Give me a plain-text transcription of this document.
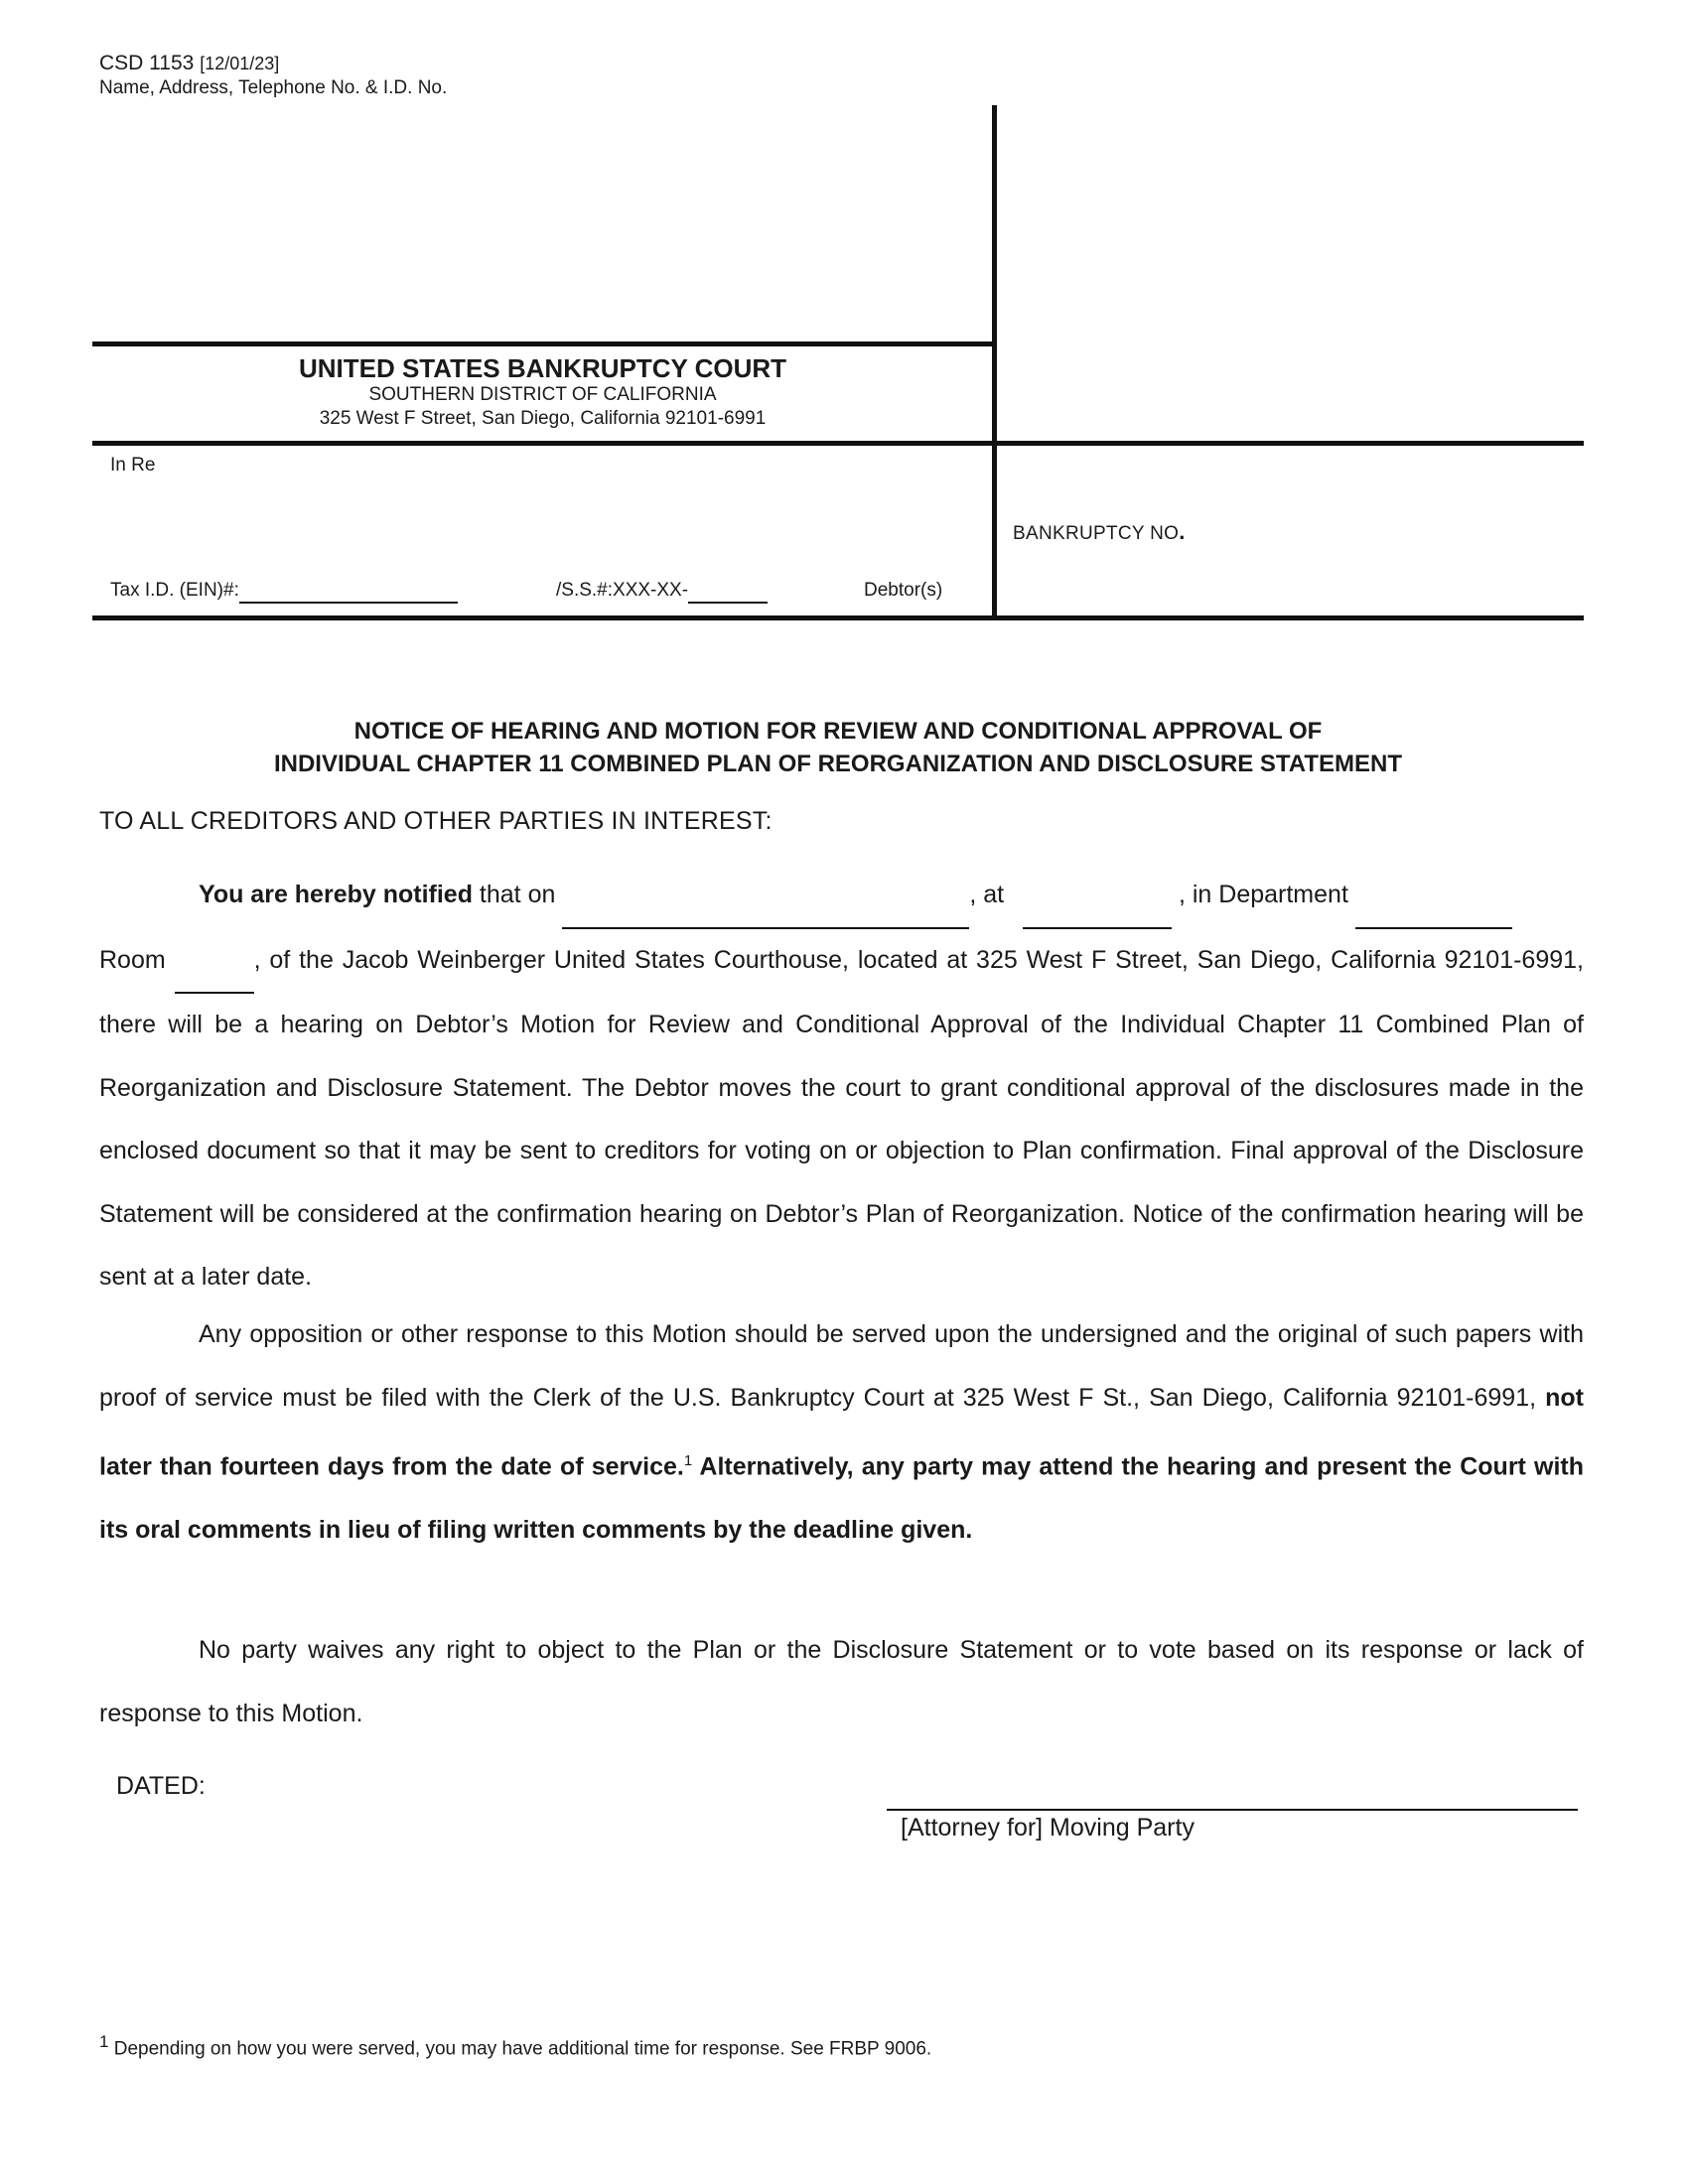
CSD 1153 [12/01/23]
Name, Address, Telephone No. & I.D. No.
UNITED STATES BANKRUPTCY COURT
SOUTHERN DISTRICT OF CALIFORNIA
325 West F Street, San Diego, California 92101-6991
In Re
BANKRUPTCY NO.
Tax I.D. (EIN)#:	/S.S.#:XXX-XX-	Debtor(s)
NOTICE OF HEARING AND MOTION FOR REVIEW AND CONDITIONAL APPROVAL OF
INDIVIDUAL CHAPTER 11 COMBINED PLAN OF REORGANIZATION AND DISCLOSURE STATEMENT
TO ALL CREDITORS AND OTHER PARTIES IN INTEREST:
You are hereby notified that on	, at	, in Department
Room	, of the Jacob Weinberger United States Courthouse, located at 325 West F Street, San Diego, California 92101-6991, there will be a hearing on Debtor’s Motion for Review and Conditional Approval of the Individual Chapter 11 Combined Plan of Reorganization and Disclosure Statement. The Debtor moves the court to grant conditional approval of the disclosures made in the enclosed document so that it may be sent to creditors for voting on or objection to Plan confirmation. Final approval of the Disclosure Statement will be considered at the confirmation hearing on Debtor’s Plan of Reorganization. Notice of the confirmation hearing will be sent at a later date.
Any opposition or other response to this Motion should be served upon the undersigned and the original of such papers with proof of service must be filed with the Clerk of the U.S. Bankruptcy Court at 325 West F St., San Diego, California 92101-6991, not later than fourteen days from the date of service.$^1$ Alternatively, any party may attend the hearing and present the Court with its oral comments in lieu of filing written comments by the deadline given.
No party waives any right to object to the Plan or the Disclosure Statement or to vote based on its response or lack of response to this Motion.
DATED:
[Attorney for] Moving Party
$^1$ Depending on how you were served, you may have additional time for response. See FRBP 9006.
